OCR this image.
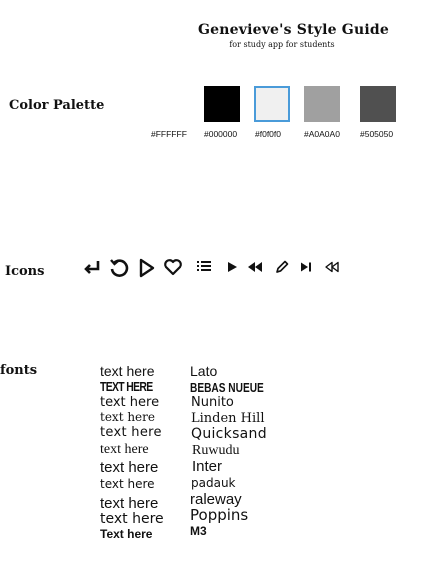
Genevieve's Style Guide
for study app for students
Color Palette
#FFFFFF #000000 #f0f0f0	#A0A0A0 #505050
Icons
fonts	text here
TEXT HERE
text here
text here
text here
text here
text here
text here
text here
text here
Text here
Lato
BEBAS NUEUE
Nunito
Linden Hill
Quicksand
Ruwudu
Inter
padauk
raleway
Poppins
M3
